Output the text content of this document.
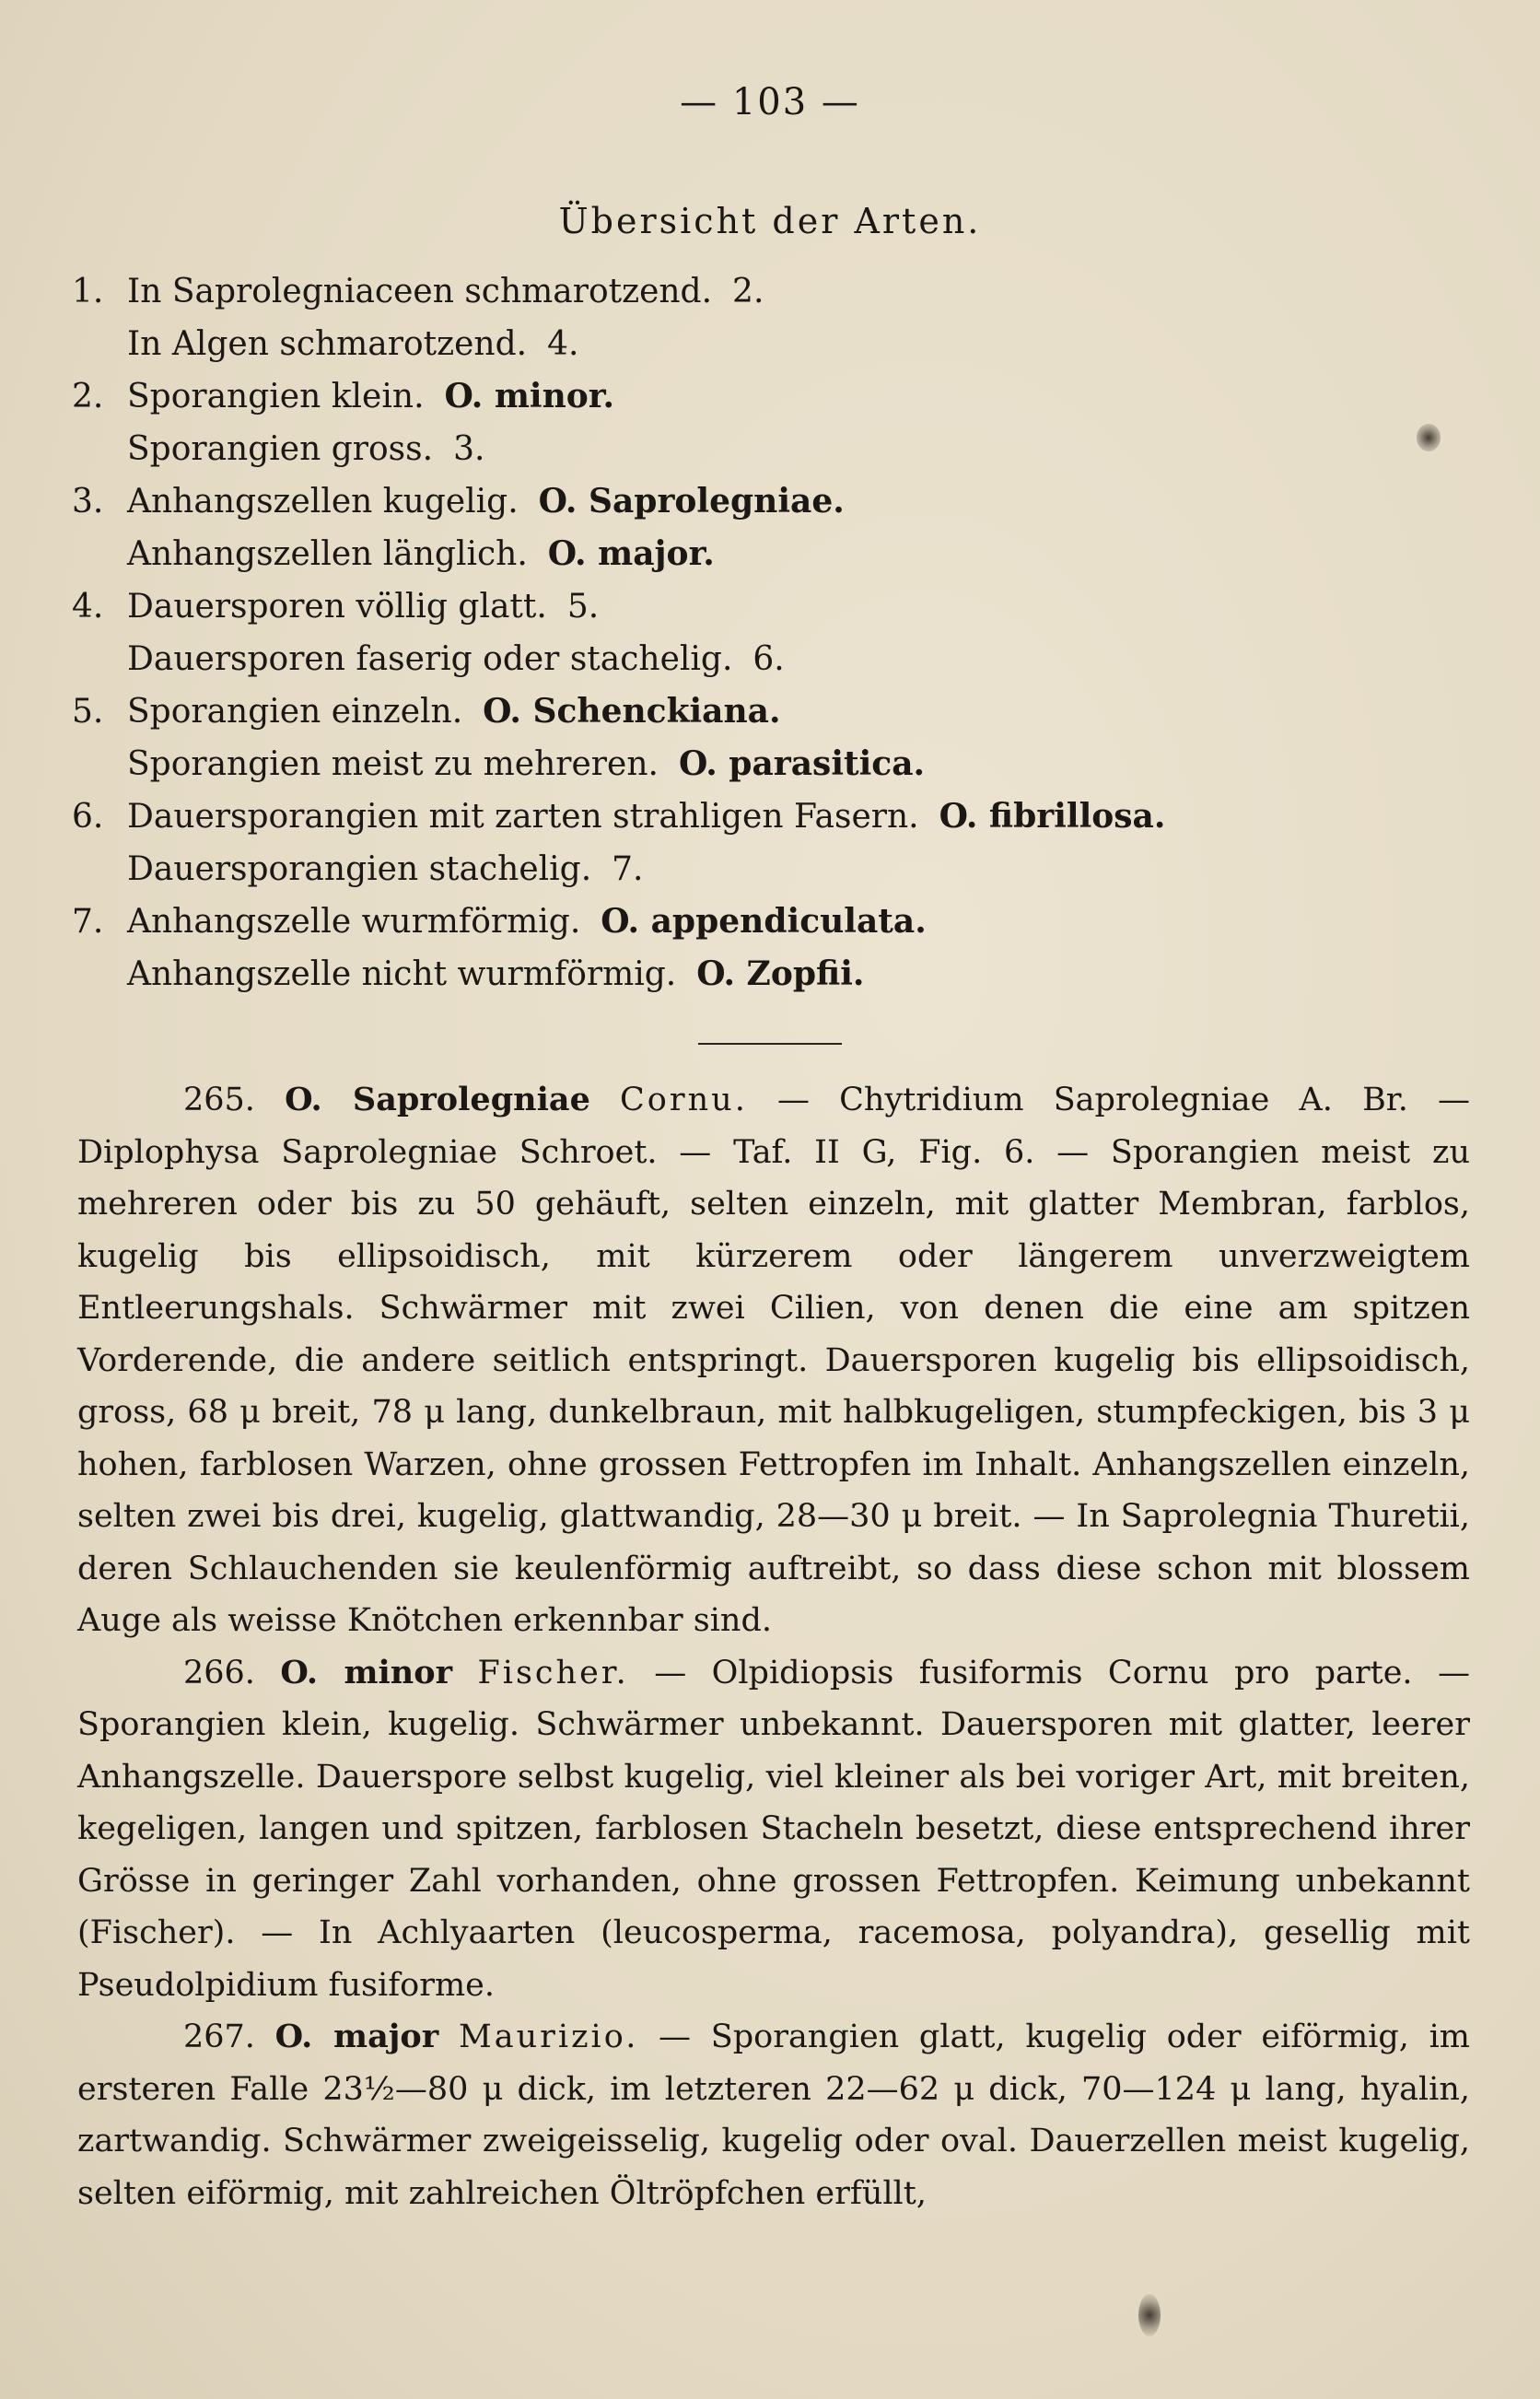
— 103 —
Übersicht der Arten.
1. In Saprolegniaceen schmarotzend. 2.
In Algen schmarotzend. 4.
2. Sporangien klein. O. minor.
Sporangien gross. 3.
3. Anhangszellen kugelig. O. Saprolegniae.
Anhangszellen länglich. O. major.
4. Dauersporen völlig glatt. 5.
Dauersporen faserig oder stachelig. 6.
5. Sporangien einzeln. O. Schenckiana.
Sporangien meist zu mehreren. O. parasitica.
6. Dauersporangien mit zarten strahligen Fasern. O. fibrillosa.
Dauersporangien stachelig. 7.
7. Anhangszelle wurmförmig. O. appendiculata.
Anhangszelle nicht wurmförmig. O. Zopfii.

265. O. Saprolegniae Cornu. — Chytridium Saprolegniae A. Br. — Diplophysa Saprolegniae Schroet. — Taf. II G, Fig. 6. — Sporangien meist zu mehreren oder bis zu 50 gehäuft, selten einzeln, mit glatter Membran, farblos, kugelig bis ellipsoidisch, mit kürzerem oder längerem unverzweigtem Entleerungshals. Schwärmer mit zwei Cilien, von denen die eine am spitzen Vorderende, die andere seitlich entspringt. Dauersporen kugelig bis ellipsoidisch, gross, 68 μ breit, 78 μ lang, dunkelbraun, mit halbkugeligen, stumpfeckigen, bis 3 μ hohen, farblosen Warzen, ohne grossen Fettropfen im Inhalt. Anhangszellen einzeln, selten zwei bis drei, kugelig, glattwandig, 28—30 μ breit. — In Saprolegnia Thuretii, deren Schlauchenden sie keulenförmig auftreibt, so dass diese schon mit blossem Auge als weisse Knötchen erkennbar sind.

266. O. minor Fischer. — Olpidiopsis fusiformis Cornu pro parte. — Sporangien klein, kugelig. Schwärmer unbekannt. Dauersporen mit glatter, leerer Anhangszelle. Dauerspore selbst kugelig, viel kleiner als bei voriger Art, mit breiten, kegeligen, langen und spitzen, farblosen Stacheln besetzt, diese entsprechend ihrer Grösse in geringer Zahl vorhanden, ohne grossen Fettropfen. Keimung unbekannt (Fischer). — In Achlyaarten (leucosperma, racemosa, polyandra), gesellig mit Pseudolpidium fusiforme.

267. O. major Maurizio. — Sporangien glatt, kugelig oder eiförmig, im ersteren Falle 23½—80 μ dick, im letzteren 22—62 μ dick, 70—124 μ lang, hyalin, zartwandig. Schwärmer zweigeisselig, kugelig oder oval. Dauerzellen meist kugelig, selten eiförmig, mit zahlreichen Öltröpfchen erfüllt,
